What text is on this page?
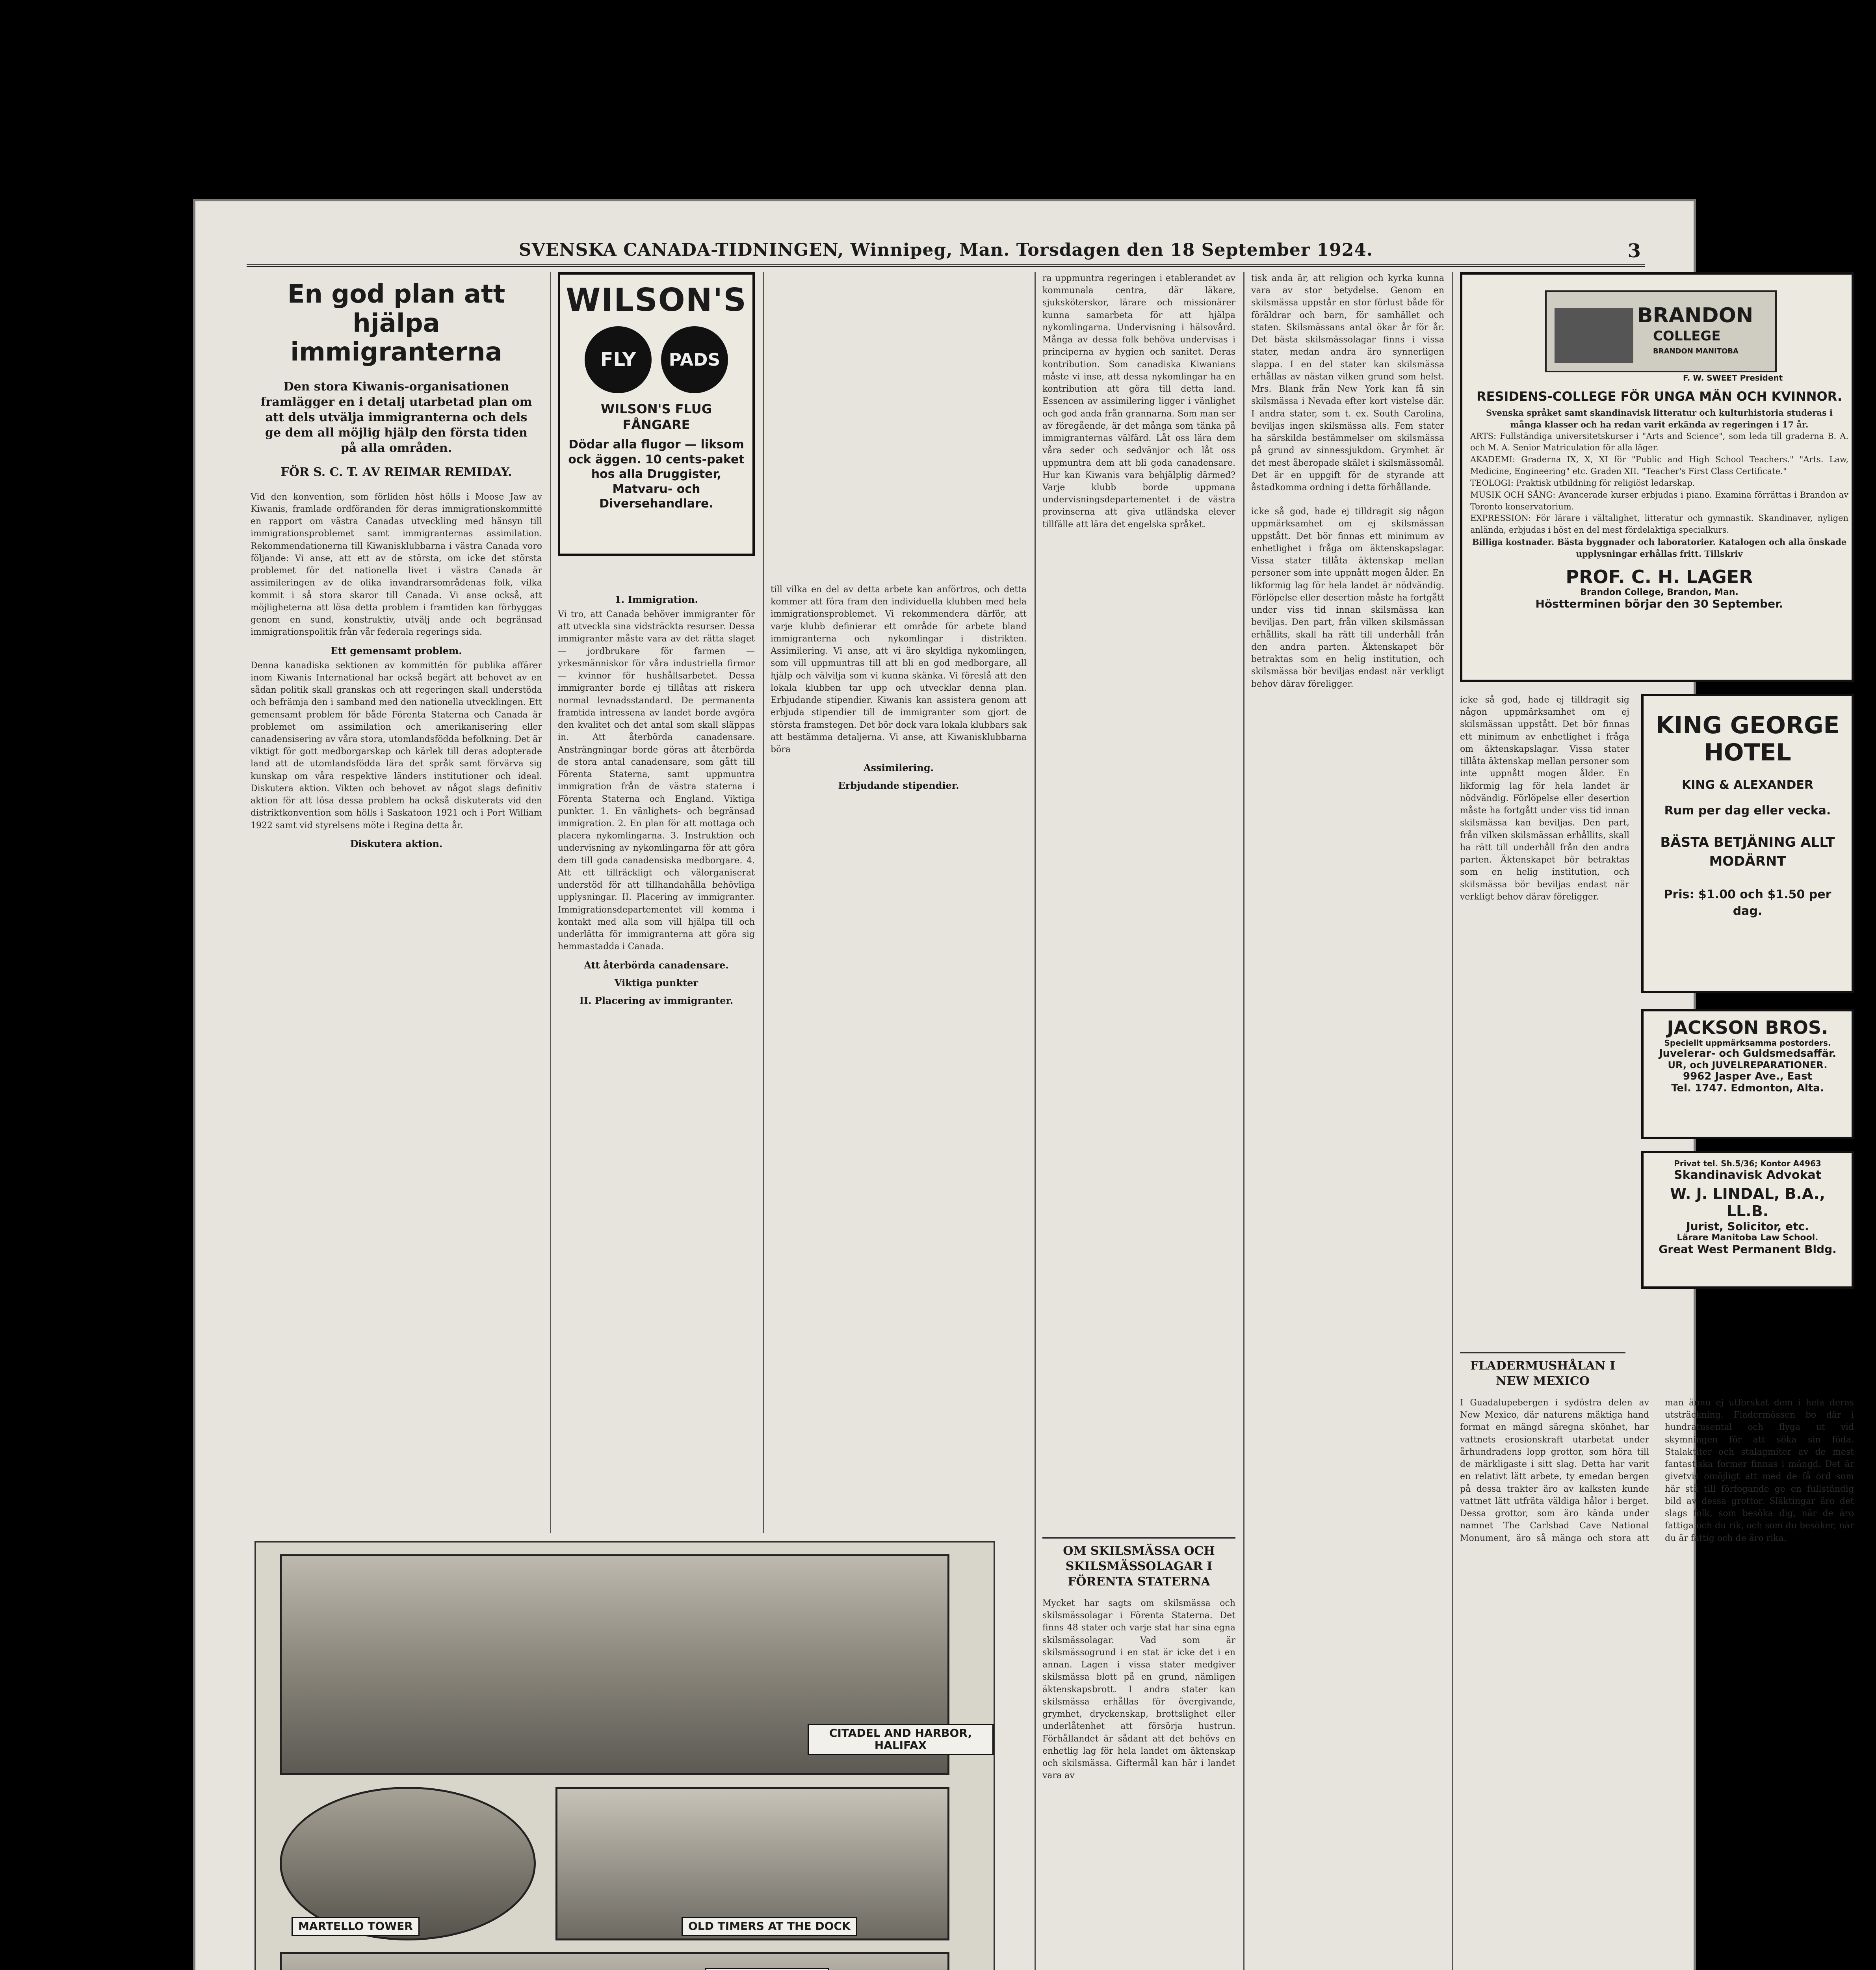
SVENSKA CANADA-TIDNINGEN, Winnipeg, Man. Torsdagen den 18 September 1924.	3
En god plan att hjälpa immigranterna
Den stora Kiwanis-organisationen framlägger en i detalj utarbetad plan om att dels utvälja immigranterna och dels ge dem all möjlig hjälp den första tiden på alla områden.
FÖR S. C. T. AV REIMAR REMIDAY.
Vid den konvention, som förliden höst hölls i Moose Jaw av Kiwanis, framlade ordföranden för deras immigrationskommitté en rapport om västra Canadas utveckling med hänsyn till immigrationsproblemet samt immigranternas assimilation. Rekommendationerna till Kiwanisklubbarna i västra Canada voro följande: Vi anse, att ett av de största, om icke det största problemet för det nationella livet i västra Canada är assimileringen av de olika invandrarsområdenas folk, vilka kommit i så stora skaror till Canada. Vi anse också, att möjligheterna att lösa detta problem i framtiden kan förbyggas genom en sund, konstruktiv, utvälj ande och begränsad immigrationspolitik från vår federala regerings sida.
Ett gemensamt problem.
Denna kanadiska sektionen av kommittén för publika affärer inom Kiwanis International har också begärt att behovet av en sådan politik skall granskas och att regeringen skall understöda och befrämja den i samband med den nationella utvecklingen. Ett gemensamt problem för både Förenta Staterna och Canada är problemet om assimilation och amerikanisering eller canadensisering av våra stora, utomlandsfödda befolkning. Det är viktigt för gott medborgarskap och kärlek till deras adopterade land att de utomlandsfödda lära det språk samt förvärva sig kunskap om våra respektive länders institutioner och ideal. Diskutera aktion. Vikten och behovet av något slags definitiv aktion för att lösa dessa problem ha också diskuterats vid den distriktkonvention som hölls i Saskatoon 1921 och i Port William 1922 samt vid styrelsens möte i Regina detta år.
Diskutera aktion.
WILSON'S
FLY	PADS
WILSON'S FLUG FÅNGARE
Dödar alla flugor — liksom ock äggen. 10 cents-paket hos alla Druggister, Matvaru- och Diversehandlare.
1. Immigration.
Vi tro, att Canada behöver immigranter för att utveckla sina vidsträckta resurser. Dessa immigranter måste vara av det rätta slaget — jordbrukare för farmen — yrkesmänniskor för våra industriella firmor — kvinnor för hushållsarbetet. Dessa immigranter borde ej tillåtas att riskera normal levnadsstandard. De permanenta framtida intressena av landet borde avgöra den kvalitet och det antal som skall släppas in. Att återbörda canadensare. Ansträngningar borde göras att återbörda de stora antal canadensare, som gått till Förenta Staterna, samt uppmuntra immigration från de västra staterna i Förenta Staterna och England. Viktiga punkter. 1. En vänlighets- och begränsad immigration. 2. En plan för att mottaga och placera nykomlingarna. 3. Instruktion och undervisning av nykomlingarna för att göra dem till goda canadensiska medborgare. 4. Att ett tillräckligt och välorganiserat understöd för att tillhandahålla behövliga upplysningar. II. Placering av immigranter. Immigrationsdepartementet vill komma i kontakt med alla som vill hjälpa till och underlätta för immigranterna att göra sig hemmastadda i Canada.
Att återbörda canadensare.
Viktiga punkter
II. Placering av immigranter.
till vilka en del av detta arbete kan anförtros, och detta kommer att föra fram den individuella klubben med hela immigrationsproblemet. Vi rekommendera därför, att varje klubb definierar ett område för arbete bland immigranterna och nykomlingar i distrikten. Assimilering. Vi anse, att vi äro skyldiga nykomlingen, som vill uppmuntras till att bli en god medborgare, all hjälp och välvilja som vi kunna skänka. Vi föreslå att den lokala klubben tar upp och utvecklar denna plan. Erbjudande stipendier. Kiwanis kan assistera genom att erbjuda stipendier till de immigranter som gjort de största framstegen. Det bör dock vara lokala klubbars sak att bestämma detaljerna. Vi anse, att Kiwanisklubbarna böra
Assimilering.
Erbjudande stipendier.
ra uppmuntra regeringen i etablerandet av kommunala centra, där läkare, sjuksköterskor, lärare och missionärer kunna samarbeta för att hjälpa nykomlingarna. Undervisning i hälsovård. Många av dessa folk behöva undervisas i principerna av hygien och sanitet. Deras kontribution. Som canadiska Kiwanians måste vi inse, att dessa nykomlingar ha en kontribution att göra till detta land. Essencen av assimilering ligger i vänlighet och god anda från grannarna. Som man ser av föregående, är det många som tänka på immigranternas välfärd. Låt oss lära dem våra seder och sedvänjor och låt oss uppmuntra dem att bli goda canadensare. Hur kan Kiwanis vara behjälplig därmed? Varje klubb borde uppmana undervisningsdepartementet i de västra provinserna att giva utländska elever tillfälle att lära det engelska språket.
OM SKILSMÄSSA OCH SKILSMÄSSOLAGAR I FÖRENTA STATERNA
Mycket har sagts om skilsmässa och skilsmässolagar i Förenta Staterna. Det finns 48 stater och varje stat har sina egna skilsmässolagar. Vad som är skilsmässogrund i en stat är icke det i en annan. Lagen i vissa stater medgiver skilsmässa blott på en grund, nämligen äktenskapsbrott. I andra stater kan skilsmässa erhållas för övergivande, grymhet, dryckenskap, brottslighet eller underlåtenhet att försörja hustrun. Förhållandet är sådant att det behövs en enhetlig lag för hela landet om äktenskap och skilsmässa. Giftermål kan här i landet vara av
tisk anda är, att religion och kyrka kunna vara av stor betydelse. Genom en skilsmässa uppstår en stor förlust både för föräldrar och barn, för samhället och staten. Skilsmässans antal ökar år för år. Det bästa skilsmässolagar finns i vissa stater, medan andra äro synnerligen slappa. I en del stater kan skilsmässa erhållas av nästan vilken grund som helst. Mrs. Blank från New York kan få sin skilsmässa i Nevada efter kort vistelse där. I andra stater, som t. ex. South Carolina, beviljas ingen skilsmässa alls. Fem stater ha särskilda bestämmelser om skilsmässa på grund av sinnessjukdom. Grymhet är det mest åberopade skälet i skilsmässomål. Det är en uppgift för de styrande att åstadkomma ordning i detta förhållande.
icke så god, hade ej tilldragit sig någon uppmärksamhet om ej skilsmässan uppstått. Det bör finnas ett minimum av enhetlighet i fråga om äktenskapslagar. Vissa stater tillåta äktenskap mellan personer som inte uppnått mogen ålder. En likformig lag för hela landet är nödvändig. Förlöpelse eller desertion måste ha fortgått under viss tid innan skilsmässa kan beviljas. Den part, från vilken skilsmässan erhållits, skall ha rätt till underhåll från den andra parten. Äktenskapet bör betraktas som en helig institution, och skilsmässa bör beviljas endast när verkligt behov därav föreligger.
BRANDON
COLLEGE
BRANDON MANITOBA
F. W. SWEET President
RESIDENS-COLLEGE FÖR UNGA MÄN OCH KVINNOR.
Svenska språket samt skandinavisk litteratur och kulturhistoria studeras i många klasser och ha redan varit erkända av regeringen i 17 år.
ARTS: Fullständiga universitetskurser i "Arts and Science", som leda till graderna B. A. och M. A. Senior Matriculation för alla läger.
AKADEMI: Graderna IX, X, XI för "Public and High School Teachers." "Arts. Law, Medicine, Engineering" etc. Graden XII. "Teacher's First Class Certificate."
TEOLOGI: Praktisk utbildning för religiöst ledarskap.
MUSIK OCH SÅNG: Avancerade kurser erbjudas i piano. Examina förrättas i Brandon av Toronto konservatorium.
EXPRESSION: För lärare i vältalighet, litteratur och gymnastik. Skandinaver, nyligen anlända, erbjudas i höst en del mest fördelaktiga specialkurs.
Billiga kostnader. Bästa byggnader och laboratorier. Katalogen och alla önskade upplysningar erhållas fritt. Tillskriv
PROF. C. H. LAGER
Brandon College, Brandon, Man.
Höstterminen börjar den 30 September.
icke så god, hade ej tilldragit sig någon uppmärksamhet om ej skilsmässan uppstått. Det bör finnas ett minimum av enhetlighet i fråga om äktenskapslagar. Vissa stater tillåta äktenskap mellan personer som inte uppnått mogen ålder. En likformig lag för hela landet är nödvändig. Förlöpelse eller desertion måste ha fortgått under viss tid innan skilsmässa kan beviljas. Den part, från vilken skilsmässan erhållits, skall ha rätt till underhåll från den andra parten. Äktenskapet bör betraktas som en helig institution, och skilsmässa bör beviljas endast när verkligt behov därav föreligger.
KING GEORGE HOTEL
KING & ALEXANDER
Rum per dag eller vecka.
BÄSTA BETJÄNING ALLT MODÄRNT
Pris: $1.00 och $1.50 per dag.
JACKSON BROS.
Speciellt uppmärksamma postorders.
Juvelerar- och Guldsmedsaffär.
UR, och JUVELREPARATIONER.
9962 Jasper Ave., East
Tel. 1747. Edmonton, Alta.
Privat tel. Sh.5/36; Kontor A4963
Skandinavisk Advokat
W. J. LINDAL, B.A., LL.B.
Jurist, Solicitor, etc.
Lärare Manitoba Law School.
Great West Permanent Bldg.
FLADERMUSHÅLAN I NEW MEXICO
I Guadalupebergen i sydöstra delen av New Mexico, där naturens mäktiga hand format en mängd säregna skönhet, har vattnets erosionskraft utarbetat under århundradens lopp grottor, som höra till de märkligaste i sitt slag. Detta har varit en relativt lätt arbete, ty emedan bergen på dessa trakter äro av kalksten kunde vattnet lätt utfräta väldiga hålor i berget. Dessa grottor, som äro kända under namnet The Carlsbad Cave National Monument, äro så mänga och stora att man ännu ej utforskat dem i hela deras utsträckning. Fladermössen bo där i hundratusental och flyga ut vid skymningen för att söka sin föda. Stalaktiter och stalagmiter av de mest fantastiska former finnas i mängd. Det är givetvis omöjligt att med de få ord som här stå till förfogande ge en fullständig bild av dessa grottor. Släktingar äro det slags folk, som besöka dig, när de äro fattiga och du rik, och som du besöker, när du är fattig och de äro rika.
CITADEL AND HARBOR, HALIFAX
MARTELLO TOWER	OLD TIMERS AT THE DOCK
